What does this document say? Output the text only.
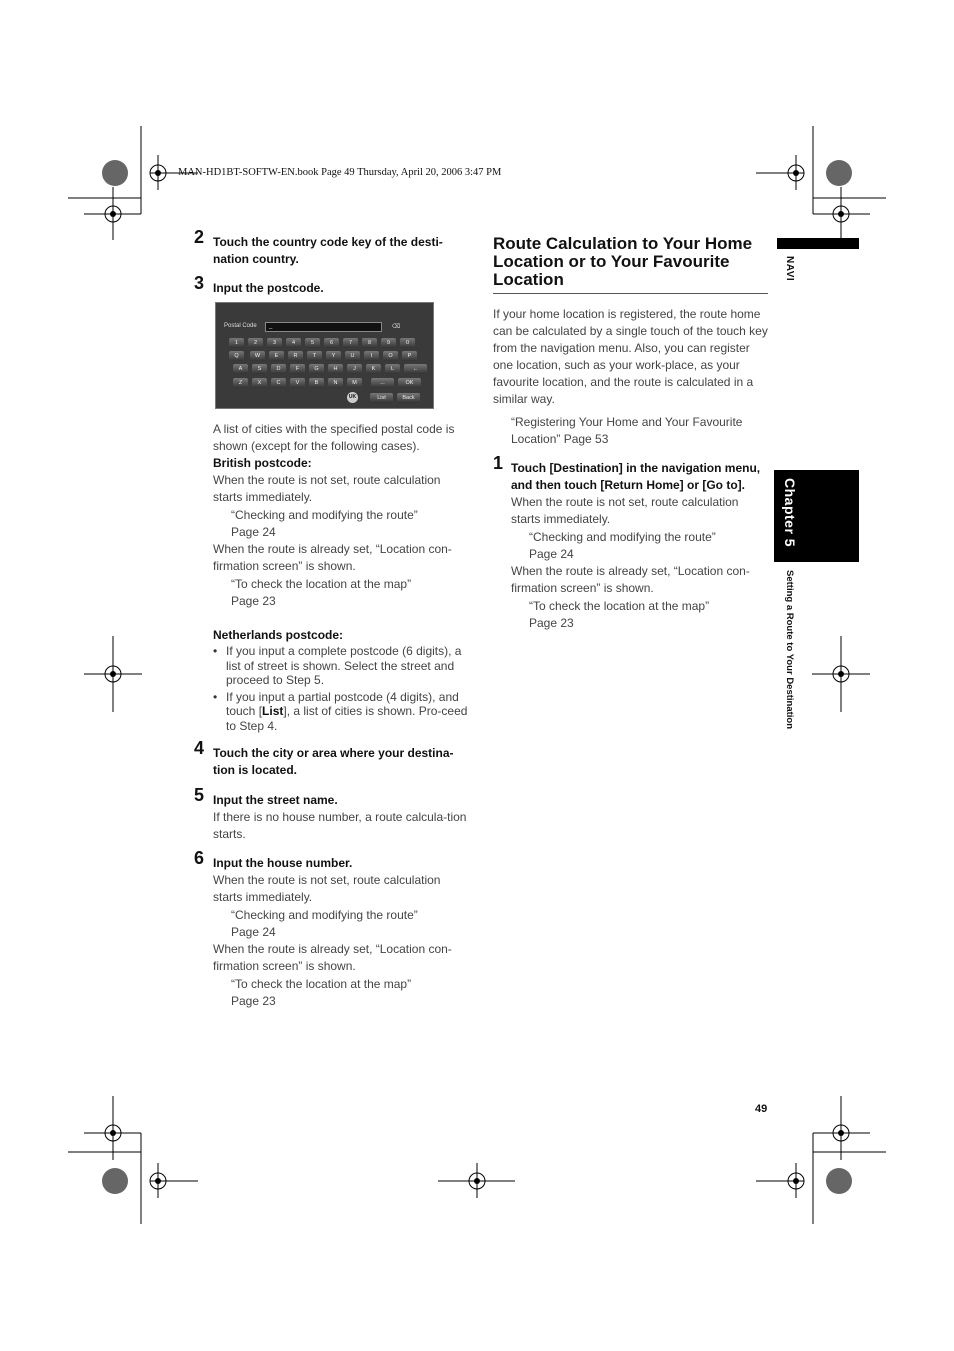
MAN-HD1BT-SOFTW-EN.book Page 49 Thursday, April 20, 2006 3:47 PM
2 Touch the country code key of the desti-nation country.
3 Input the postcode.
Postal Code _	⌫
1	2	3	4	5	6	7	8	9	0
Q	W	E	R	T	Y	U	I	O	P
A	S	D	F	G	H	J	K	L	←
Z	X	C	V	B	N	M	...	OK
UK	List	Back
A list of cities with the specified postal code is shown (except for the following cases).
British postcode:
When the route is not set, route calculation starts immediately.
“Checking and modifying the route”
Page 24
When the route is already set, “Location con-firmation screen” is shown.
“To check the location at the map”
Page 23
Netherlands postcode:
• If you input a complete postcode (6 digits), a list of street is shown. Select the street and proceed to Step 5.
• If you input a partial postcode (4 digits), and touch [List], a list of cities is shown. Pro-ceed to Step 4.
4 Touch the city or area where your destina-tion is located.
5 Input the street name.
If there is no house number, a route calcula-tion starts.
6 Input the house number.
When the route is not set, route calculation starts immediately.
“Checking and modifying the route”
Page 24
When the route is already set, “Location con-firmation screen” is shown.
“To check the location at the map”
Page 23
Route Calculation to Your Home Location or to Your Favourite Location
If your home location is registered, the route home can be calculated by a single touch of the touch key from the navigation menu. Also, you can register one location, such as your work-place, as your favourite location, and the route is calculated in a similar way.
“Registering Your Home and Your Favourite Location” Page 53
1 Touch [Destination] in the navigation menu, and then touch [Return Home] or [Go to].
When the route is not set, route calculation starts immediately.
“Checking and modifying the route”
Page 24
When the route is already set, “Location con-firmation screen” is shown.
“To check the location at the map”
Page 23
NAVI
Chapter 5
Setting a Route to Your Destination
49
